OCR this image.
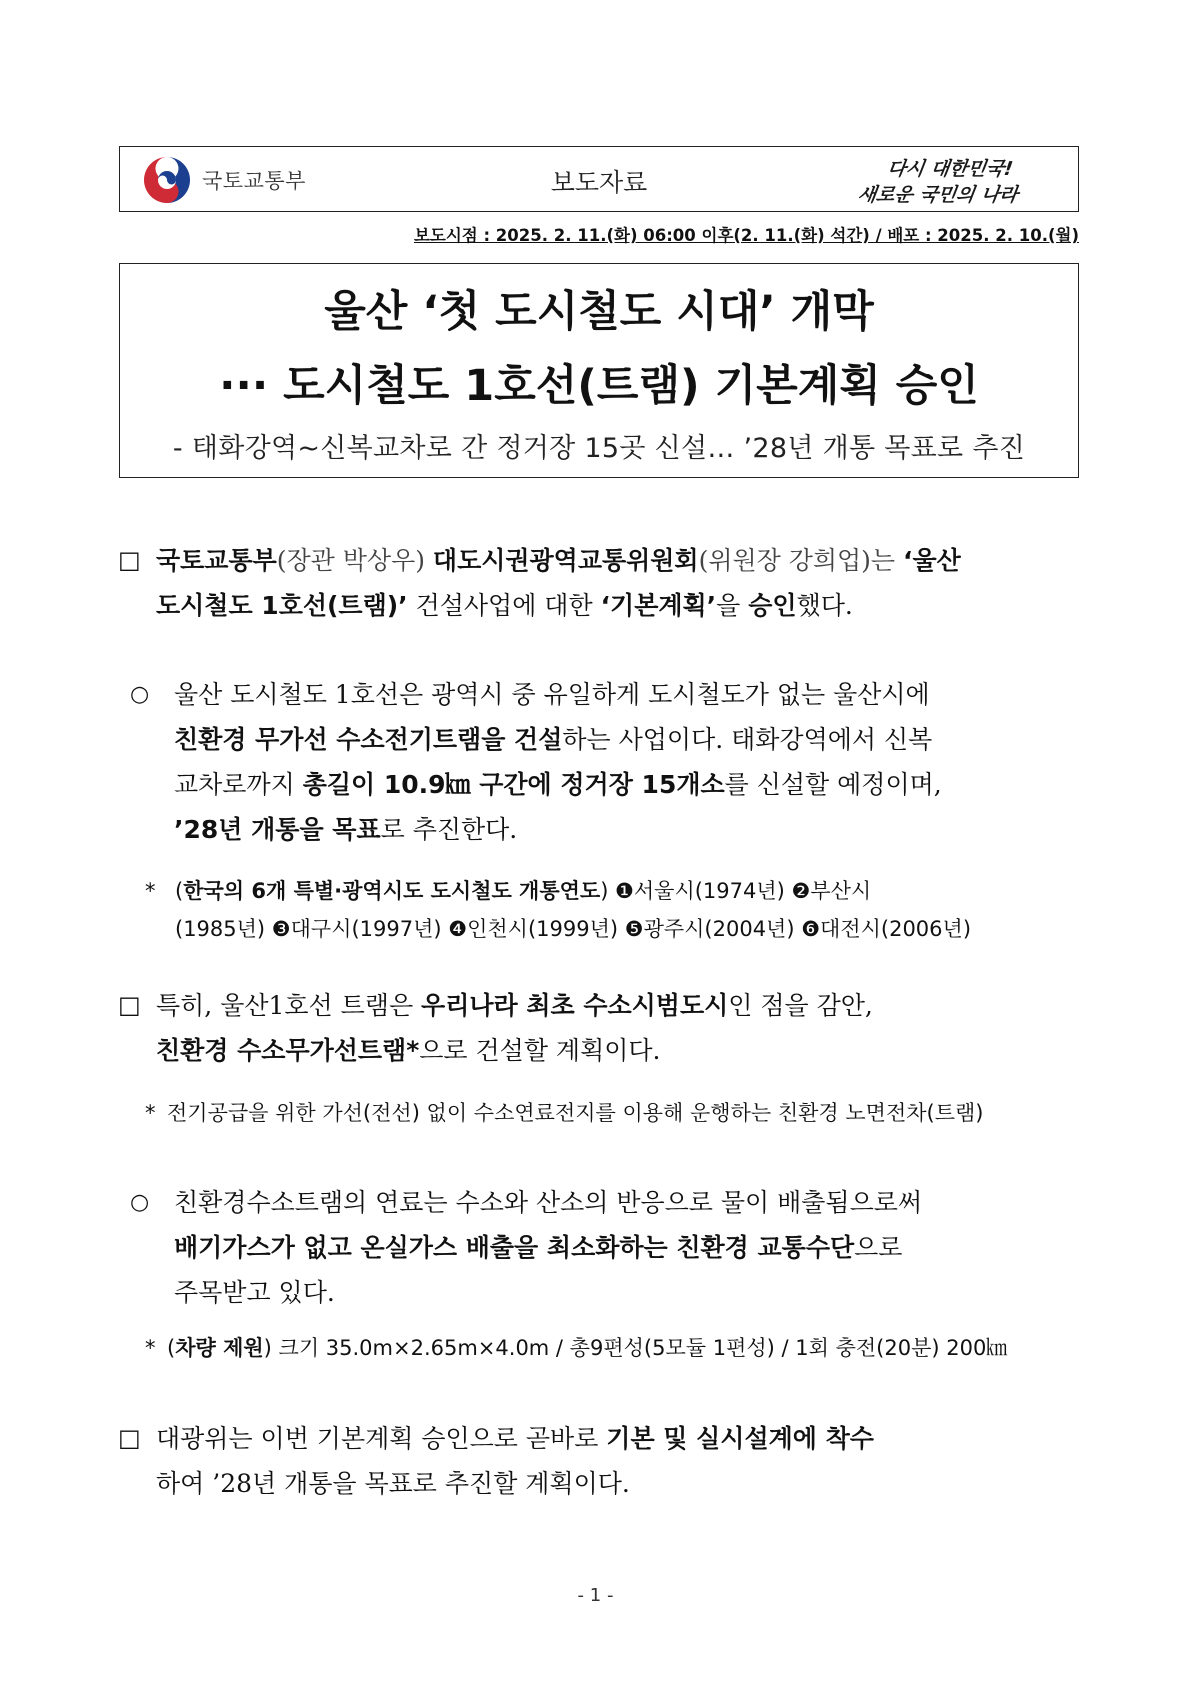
국토교통부	보도자료	다시 대한민국!
새로운 국민의 나라
보도시점 : 2025. 2. 11.(화) 06:00 이후(2. 11.(화) 석간) / 배포 : 2025. 2. 10.(월)
울산 ‘첫 도시철도 시대’ 개막
··· 도시철도 1호선(트램) 기본계획 승인
- 태화강역~신복교차로 간 정거장 15곳 신설… ’28년 개통 목표로 추진
□ 국토교통부(장관 박상우) 대도시권광역교통위원회(위원장 강희업)는 ‘울산
도시철도 1호선(트램)’ 건설사업에 대한 ‘기본계획’을 승인했다.
○ 울산 도시철도 1호선은 광역시 중 유일하게 도시철도가 없는 울산시에
친환경 무가선 수소전기트램을 건설하는 사업이다. 태화강역에서 신복
교차로까지 총길이 10.9㎞ 구간에 정거장 15개소를 신설할 예정이며,
’28년 개통을 목표로 추진한다.
* (한국의 6개 특별·광역시도 도시철도 개통연도) ❶서울시(1974년) ❷부산시
(1985년) ❸대구시(1997년) ❹인천시(1999년) ❺광주시(2004년) ❻대전시(2006년)
□ 특히, 울산1호선 트램은 우리나라 최초 수소시범도시인 점을 감안,
친환경 수소무가선트램*으로 건설할 계획이다.
* 전기공급을 위한 가선(전선) 없이 수소연료전지를 이용해 운행하는 친환경 노면전차(트램)
○ 친환경수소트램의 연료는 수소와 산소의 반응으로 물이 배출됨으로써
배기가스가 없고 온실가스 배출을 최소화하는 친환경 교통수단으로
주목받고 있다.
* (차량 제원) 크기 35.0m×2.65m×4.0m / 총9편성(5모듈 1편성) / 1회 충전(20분) 200㎞
□ 대광위는 이번 기본계획 승인으로 곧바로 기본 및 실시설계에 착수
하여 ’28년 개통을 목표로 추진할 계획이다.
- 1 -
